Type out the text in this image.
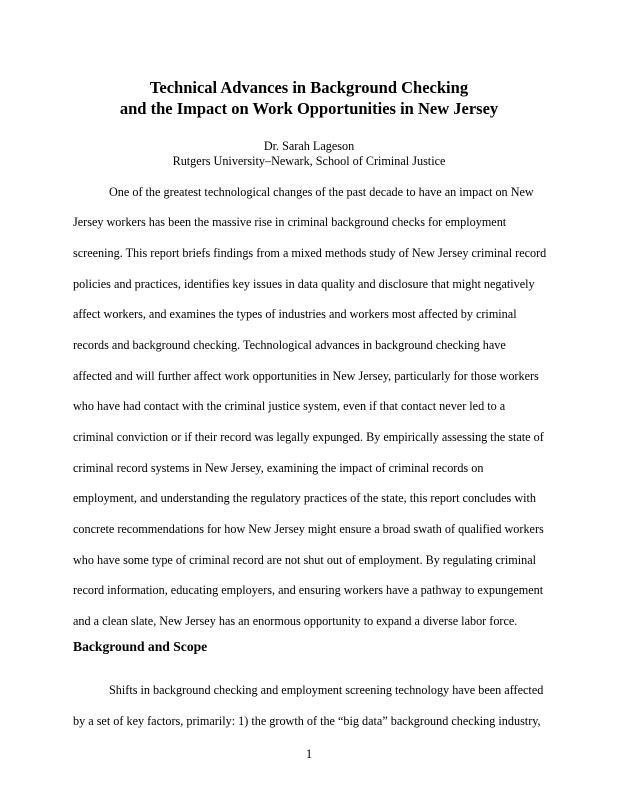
Technical Advances in Background Checking
and the Impact on Work Opportunities in New Jersey
Dr. Sarah Lageson
Rutgers University–Newark, School of Criminal Justice
One of the greatest technological changes of the past decade to have an impact on New
Jersey workers has been the massive rise in criminal background checks for employment
screening. This report briefs findings from a mixed methods study of New Jersey criminal record
policies and practices, identifies key issues in data quality and disclosure that might negatively
affect workers, and examines the types of industries and workers most affected by criminal
records and background checking. Technological advances in background checking have
affected and will further affect work opportunities in New Jersey, particularly for those workers
who have had contact with the criminal justice system, even if that contact never led to a
criminal conviction or if their record was legally expunged. By empirically assessing the state of
criminal record systems in New Jersey, examining the impact of criminal records on
employment, and understanding the regulatory practices of the state, this report concludes with
concrete recommendations for how New Jersey might ensure a broad swath of qualified workers
who have some type of criminal record are not shut out of employment. By regulating criminal
record information, educating employers, and ensuring workers have a pathway to expungement
and a clean slate, New Jersey has an enormous opportunity to expand a diverse labor force.
Background and Scope
Shifts in background checking and employment screening technology have been affected
by a set of key factors, primarily: 1) the growth of the “big data” background checking industry,
1
